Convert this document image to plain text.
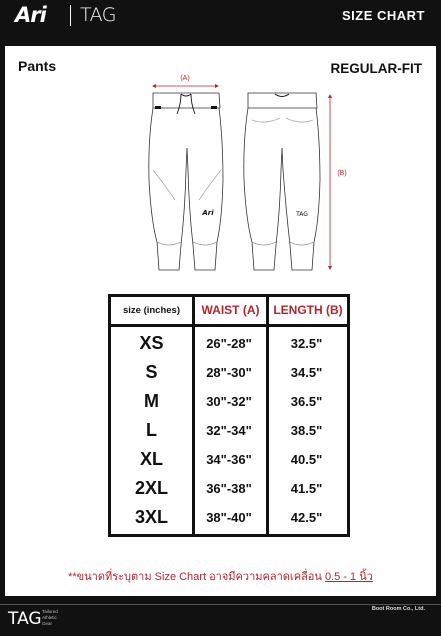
Ari TAG	SIZE CHART
Pants	REGULAR-FIT
(A)
Ari	TAG
(B)
size (inches)	WAIST (A)	LENGTH (B)
XS	26"-28"	32.5"
S	28"-30"	34.5"
M	30"-32"	36.5"
L	32"-34"	38.5"
XL	34"-36"	40.5"
2XL	36"-38"	41.5"
3XL	38"-40"	42.5"
**ขนาดที่ระบุตาม Size Chart อาจมีความคลาดเคลื่อน 0.5 - 1 นิ้ว
TAG Tailored
Athletic
Gear
Boot Room Co., Ltd.
